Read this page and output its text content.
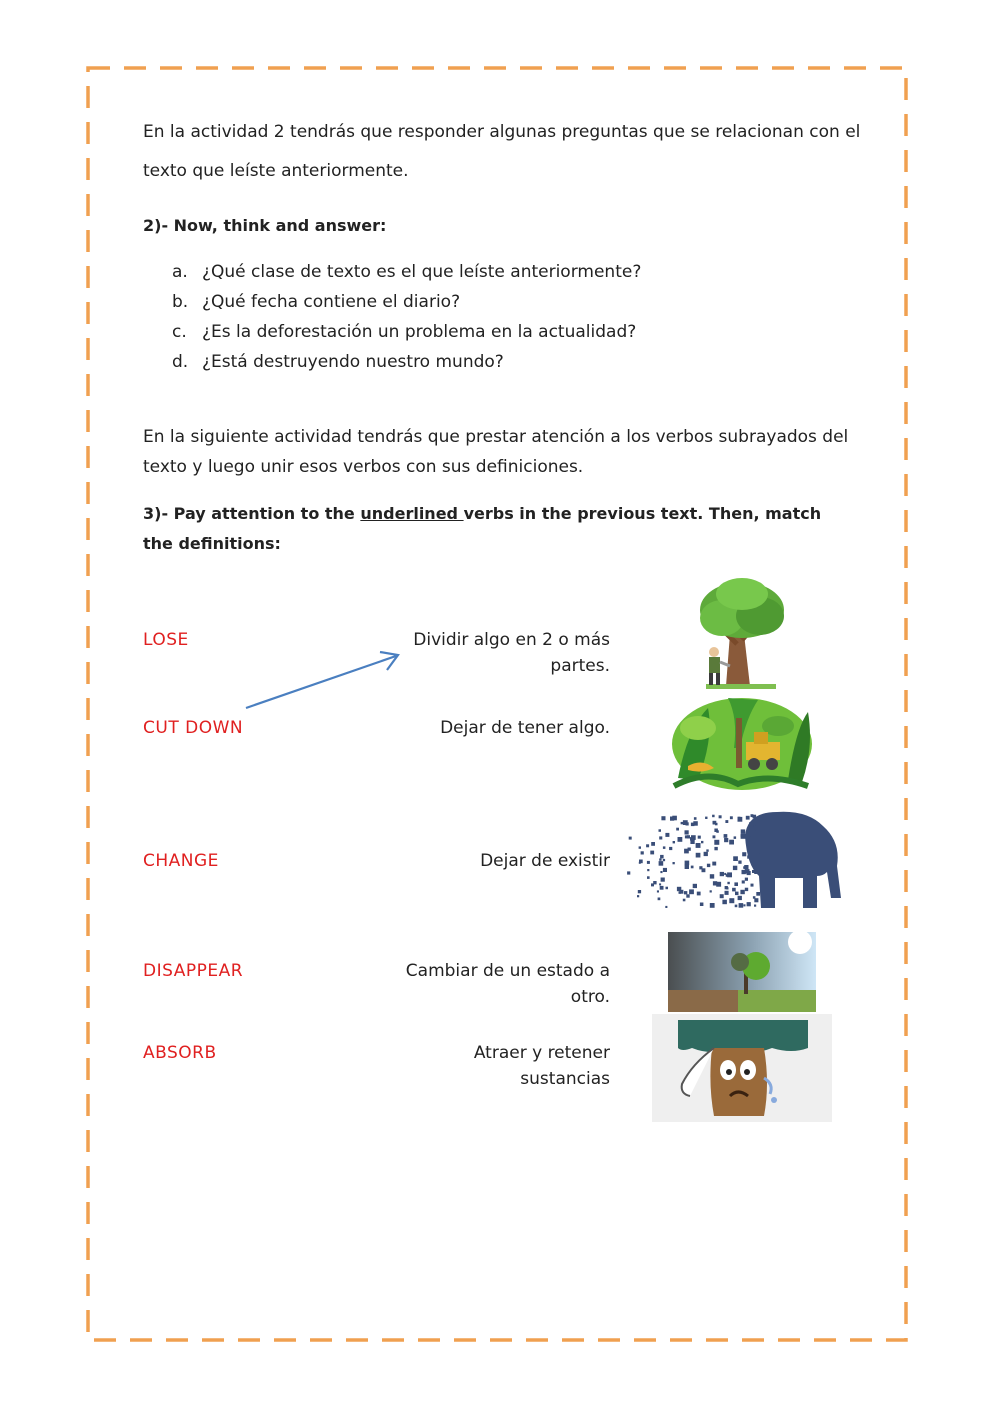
En la actividad 2 tendrás que responder algunas preguntas que se relacionan con el
texto que leíste anteriormente.
2)- Now, think and answer:
a. ¿Qué clase de texto es el que leíste anteriormente?
b. ¿Qué fecha contiene el diario?
c. ¿Es la deforestación un problema en la actualidad?
d. ¿Está destruyendo nuestro mundo?
En la siguiente actividad tendrás que prestar atención a los verbos subrayados del
texto y luego unir esos verbos con sus definiciones.
3)- Pay attention to the underlined verbs in the previous text. Then, match
the definitions:
LOSE
CUT DOWN
CHANGE
DISAPPEAR
ABSORB
Dividir algo en 2 o más
partes.
Dejar de tener algo.
Dejar de existir
Cambiar de un estado a
otro.
Atraer y retener
sustancias
